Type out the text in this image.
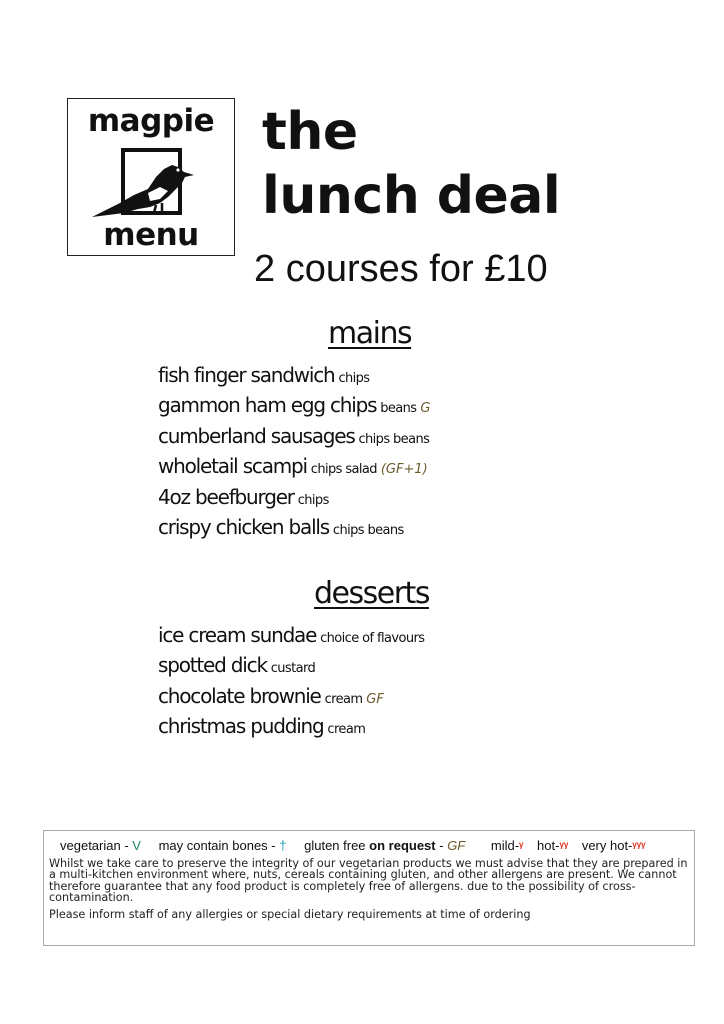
magpie
menu
the
lunch deal
2 courses for £10
mains
fish finger sandwich chips
gammon ham egg chips beans G
cumberland sausages chips beans
wholetail scampi chips salad (GF+1)
4oz beefburger chips
crispy chicken balls chips beans
desserts
ice cream sundae choice of flavours
spotted dick custard
chocolate brownie cream GF
christmas pudding cream
vegetarian - V may contain bones - † gluten free on request - GF mild-ᵞ hot-ᵞᵞ very hot-ᵞᵞᵞ

Whilst we take care to preserve the integrity of our vegetarian products we must advise that they are prepared in a multi-kitchen environment where, nuts, cereals containing gluten, and other allergens are present. We cannot therefore guarantee that any food product is completely free of allergens. due to the possibility of cross-contamination.

Please inform staff of any allergies or special dietary requirements at time of ordering
